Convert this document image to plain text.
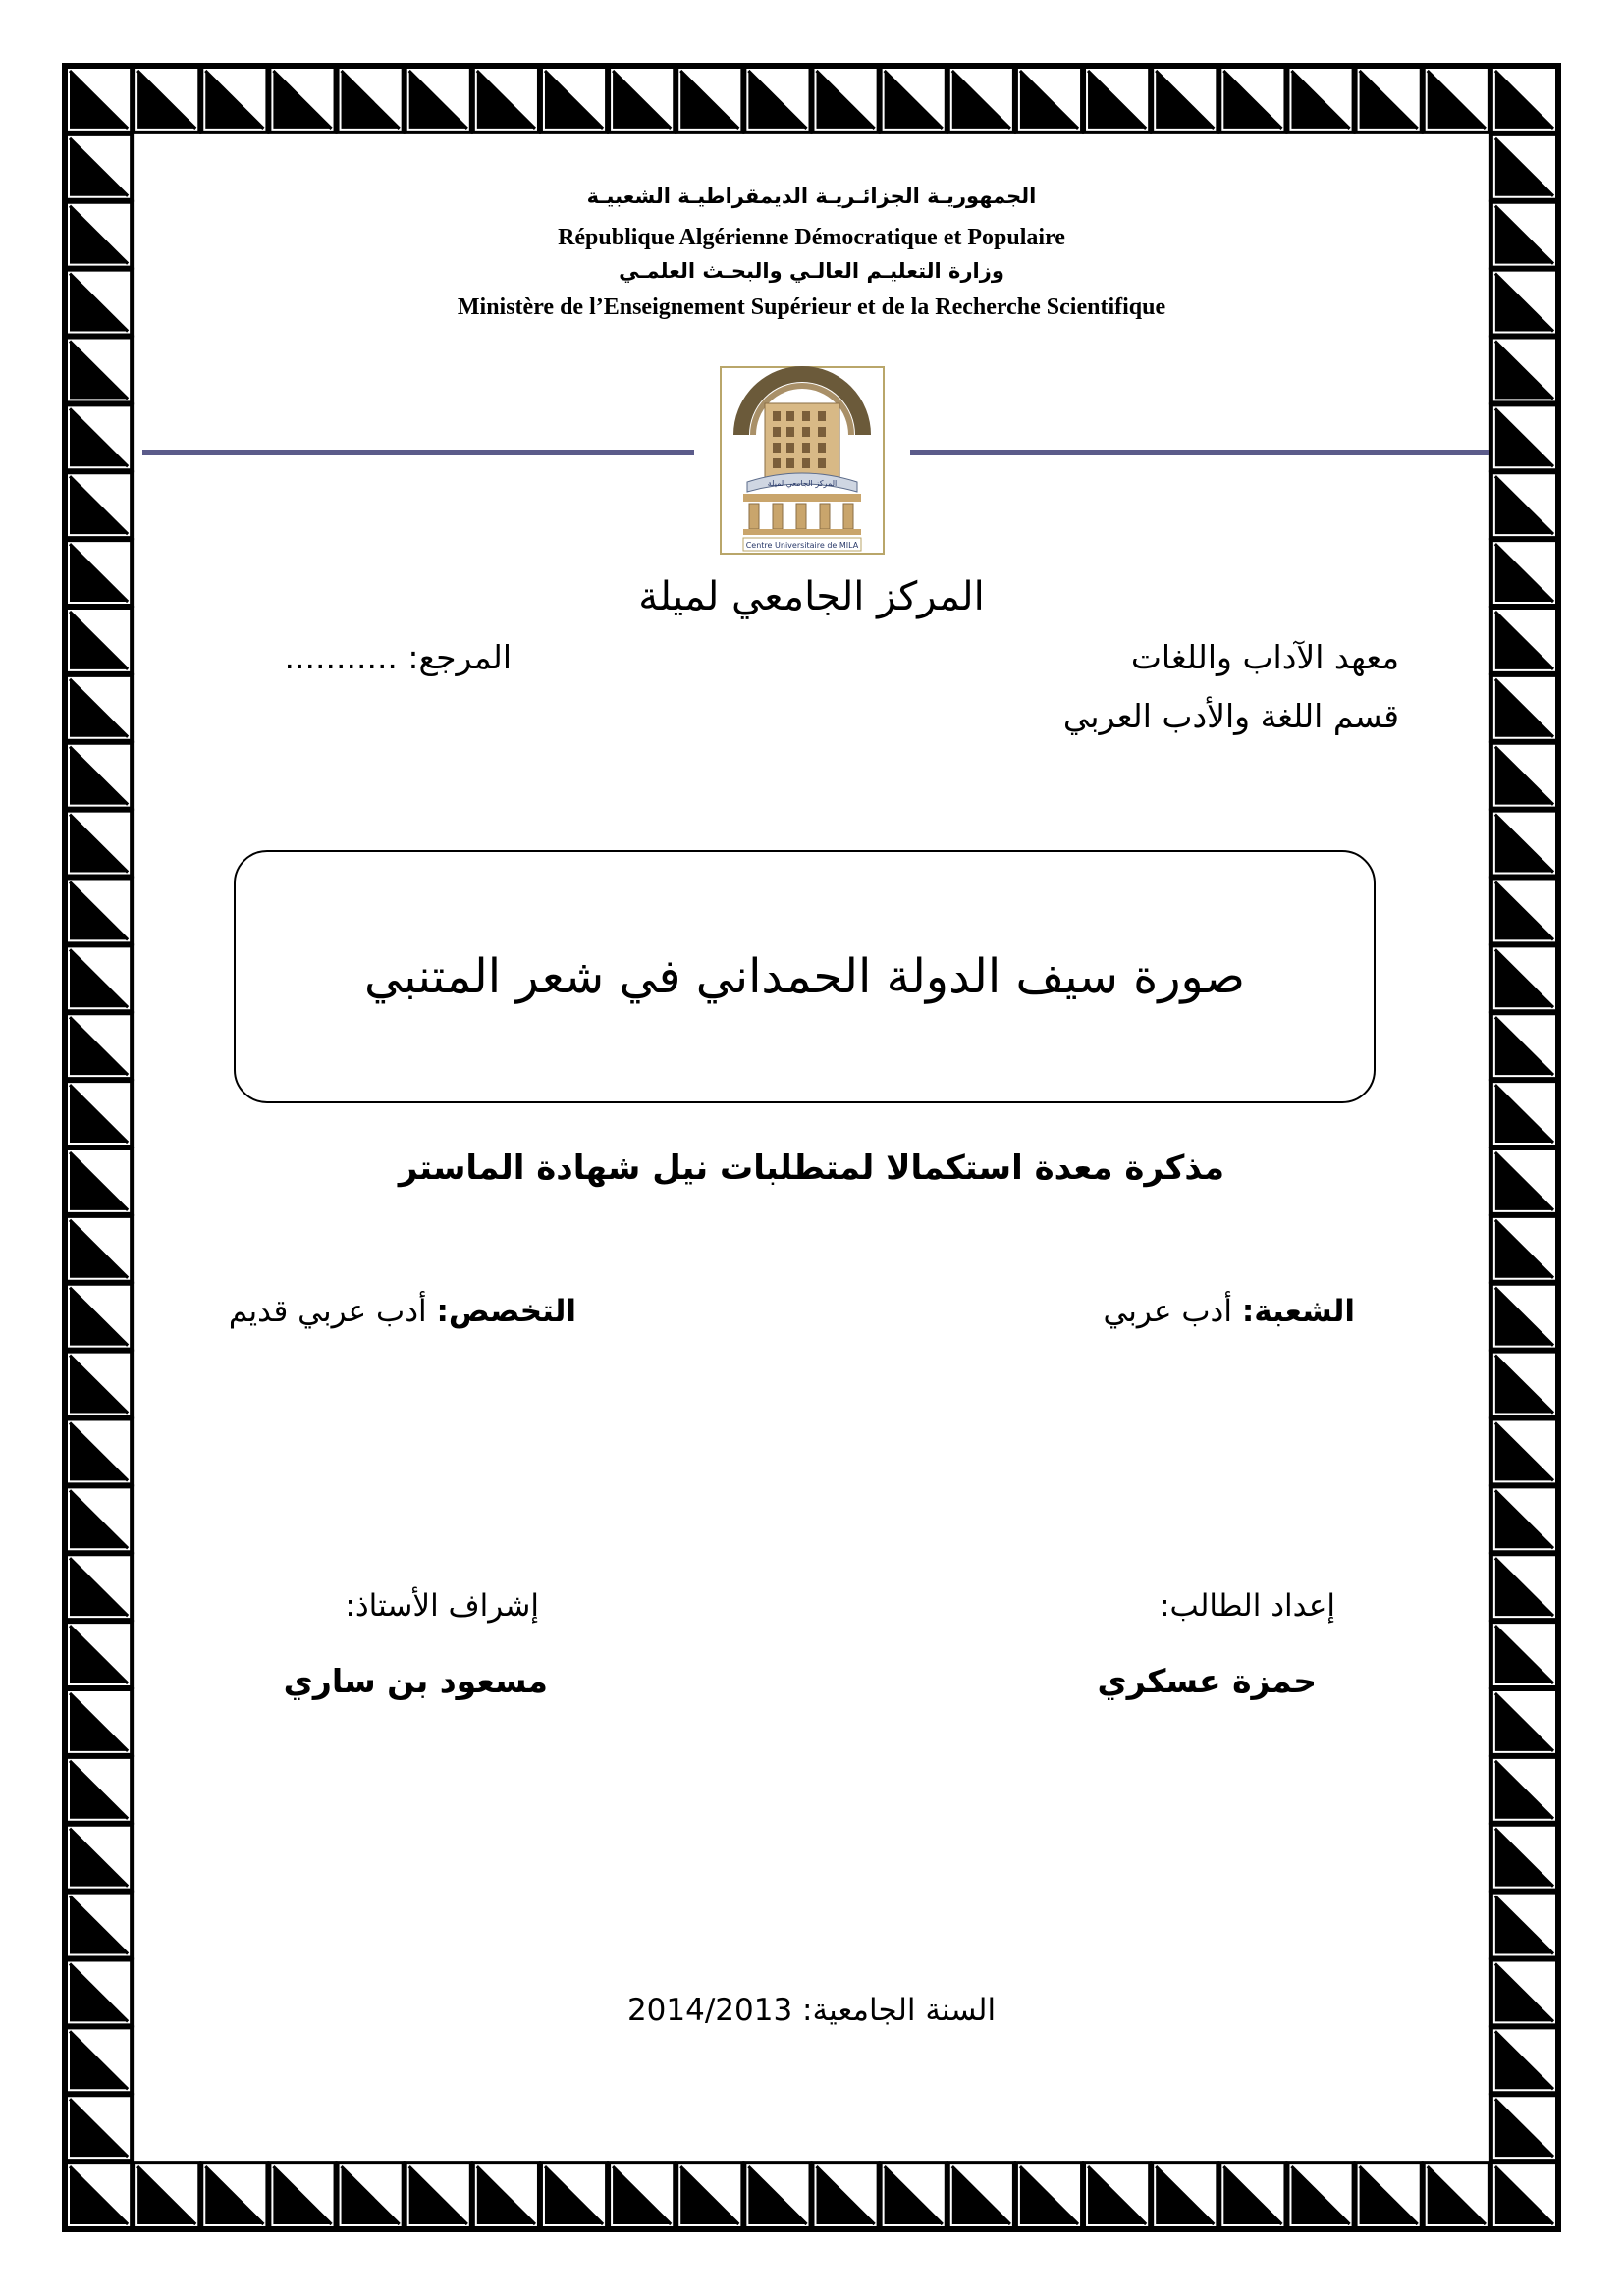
الجمهوريـة الجزائـريـة الديمقراطيـة الشعبيـة
République Algérienne Démocratique et Populaire
وزارة التعليـم العالـي والبحـث العلمـي
Ministère de l’Enseignement Supérieur et de la Recherche Scientifique
المركز الجامعي لميلة
Centre Universitaire de MILA
المركز الجامعي لميلة
معهد الآداب واللغات
المرجع: ...........
قسم اللغة والأدب العربي
صورة سيف الدولة الحمداني في شعر المتنبي
مذكرة معدة استكمالا لمتطلبات نيل شهادة الماستر
الشعبة: أدب عربي
التخصص: أدب عربي قديم
إعداد الطالب:
إشراف الأستاذ:
حمزة عسكري
مسعود بن ساري
السنة الجامعية: 2014/2013
